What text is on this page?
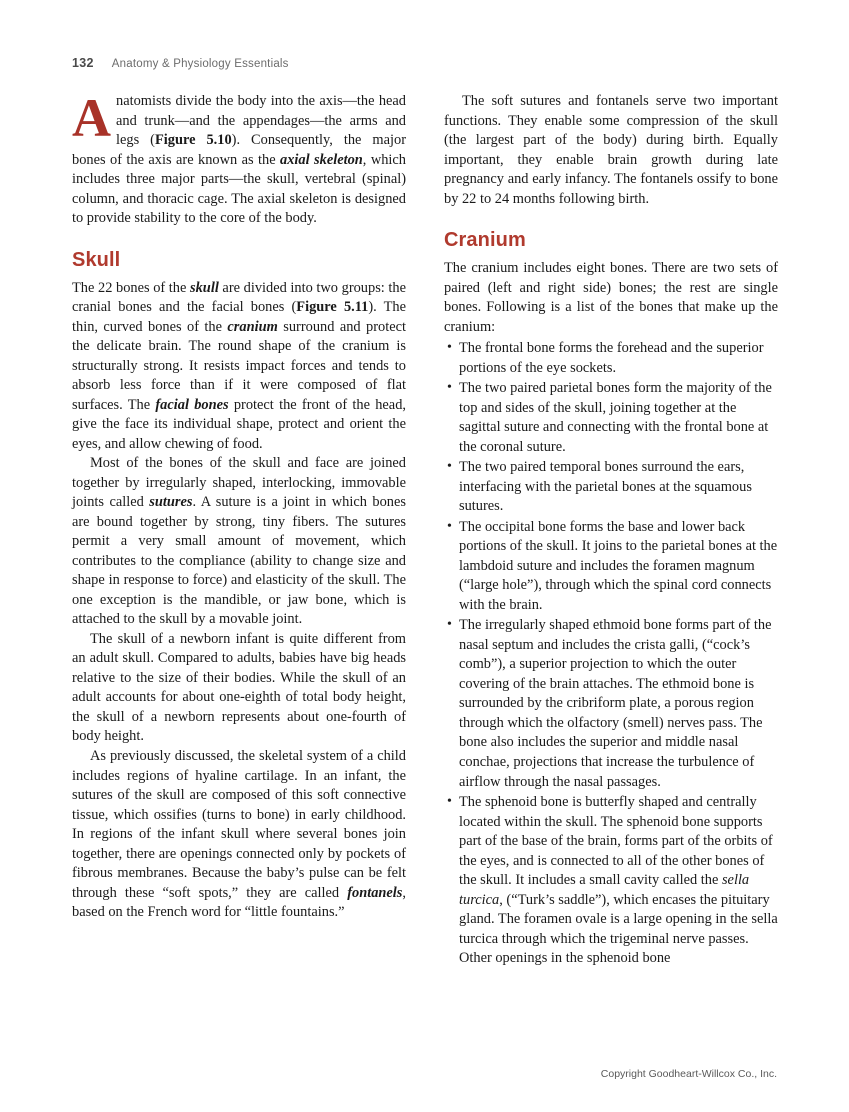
132 Anatomy & Physiology Essentials

Anatomists divide the body into the axis—the head and trunk—and the appendages—the arms and legs (Figure 5.10). Consequently, the major bones of the axis are known as the axial skeleton, which includes three major parts—the skull, vertebral (spinal) column, and thoracic cage. The axial skeleton is designed to provide stability to the core of the body.

Skull

The 22 bones of the skull are divided into two groups: the cranial bones and the facial bones (Figure 5.11). The thin, curved bones of the cranium surround and protect the delicate brain. The round shape of the cranium is structurally strong. It resists impact forces and tends to absorb less force than if it were composed of flat surfaces. The facial bones protect the front of the head, give the face its individual shape, protect and orient the eyes, and allow chewing of food.

Most of the bones of the skull and face are joined together by irregularly shaped, interlocking, immovable joints called sutures. A suture is a joint in which bones are bound together by strong, tiny fibers. The sutures permit a very small amount of movement, which contributes to the compliance (ability to change size and shape in response to force) and elasticity of the skull. The one exception is the mandible, or jaw bone, which is attached to the skull by a movable joint.

The skull of a newborn infant is quite different from an adult skull. Compared to adults, babies have big heads relative to the size of their bodies. While the skull of an adult accounts for about one-eighth of total body height, the skull of a newborn represents about one-fourth of body height.

As previously discussed, the skeletal system of a child includes regions of hyaline cartilage. In an infant, the sutures of the skull are composed of this soft connective tissue, which ossifies (turns to bone) in early childhood. In regions of the infant skull where several bones join together, there are openings connected only by pockets of fibrous membranes. Because the baby’s pulse can be felt through these “soft spots,” they are called fontanels, based on the French word for “little fountains.”

The soft sutures and fontanels serve two important functions. They enable some compression of the skull (the largest part of the body) during birth. Equally important, they enable brain growth during late pregnancy and early infancy. The fontanels ossify to bone by 22 to 24 months following birth.

Cranium

The cranium includes eight bones. There are two sets of paired (left and right side) bones; the rest are single bones. Following is a list of the bones that make up the cranium:

• The frontal bone forms the forehead and the superior portions of the eye sockets.
• The two paired parietal bones form the majority of the top and sides of the skull, joining together at the sagittal suture and connecting with the frontal bone at the coronal suture.
• The two paired temporal bones surround the ears, interfacing with the parietal bones at the squamous sutures.
• The occipital bone forms the base and lower back portions of the skull. It joins to the parietal bones at the lambdoid suture and includes the foramen magnum (“large hole”), through which the spinal cord connects with the brain.
• The irregularly shaped ethmoid bone forms part of the nasal septum and includes the crista galli, (“cock’s comb”), a superior projection to which the outer covering of the brain attaches. The ethmoid bone is surrounded by the cribriform plate, a porous region through which the olfactory (smell) nerves pass. The bone also includes the superior and middle nasal conchae, projections that increase the turbulence of airflow through the nasal passages.
• The sphenoid bone is butterfly shaped and centrally located within the skull. The sphenoid bone supports part of the base of the brain, forms part of the orbits of the eyes, and is connected to all of the other bones of the skull. It includes a small cavity called the sella turcica, (“Turk’s saddle”), which encases the pituitary gland. The foramen ovale is a large opening in the sella turcica through which the trigeminal nerve passes. Other openings in the sphenoid bone
Copyright Goodheart-Willcox Co., Inc.
